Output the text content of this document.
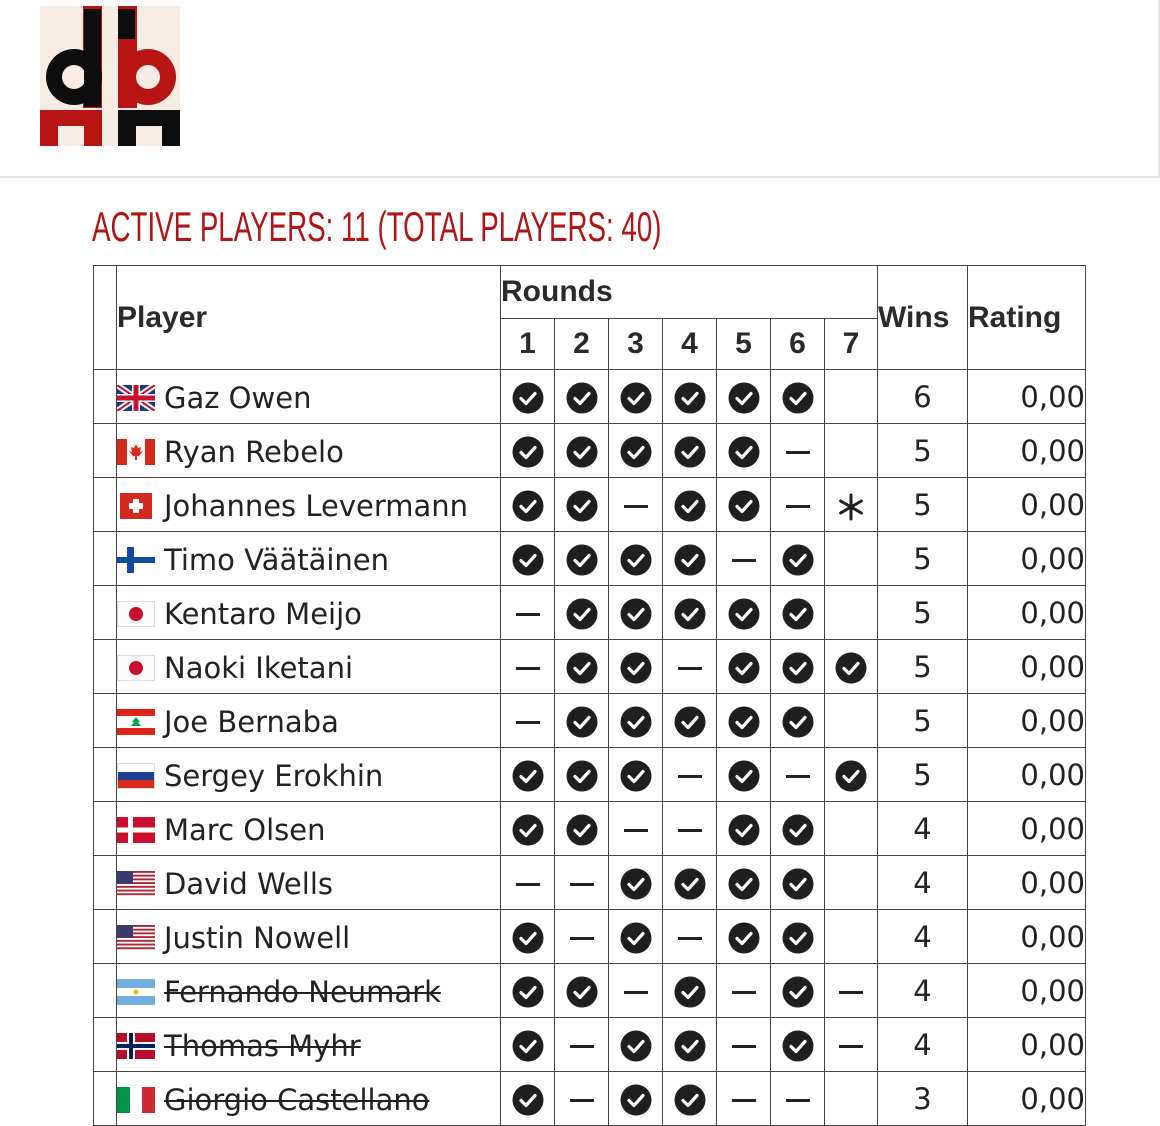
ACTIVE PLAYERS: 11 (TOTAL PLAYERS: 40)
	Player	Rounds							Wins	Rating
		1	2	3	4	5	6	7		
	Gaz Owen								6	0,00
	Ryan Rebelo								5	0,00
	Johannes Levermann								5	0,00
	Timo Väätäinen								5	0,00
	Kentaro Meijo								5	0,00
	Naoki Iketani								5	0,00
	Joe Bernaba								5	0,00
	Sergey Erokhin								5	0,00
	Marc Olsen								4	0,00
	David Wells								4	0,00
	Justin Nowell								4	0,00
	Fernando Neumark								4	0,00
	Thomas Myhr								4	0,00
	Giorgio Castellano								3	0,00
